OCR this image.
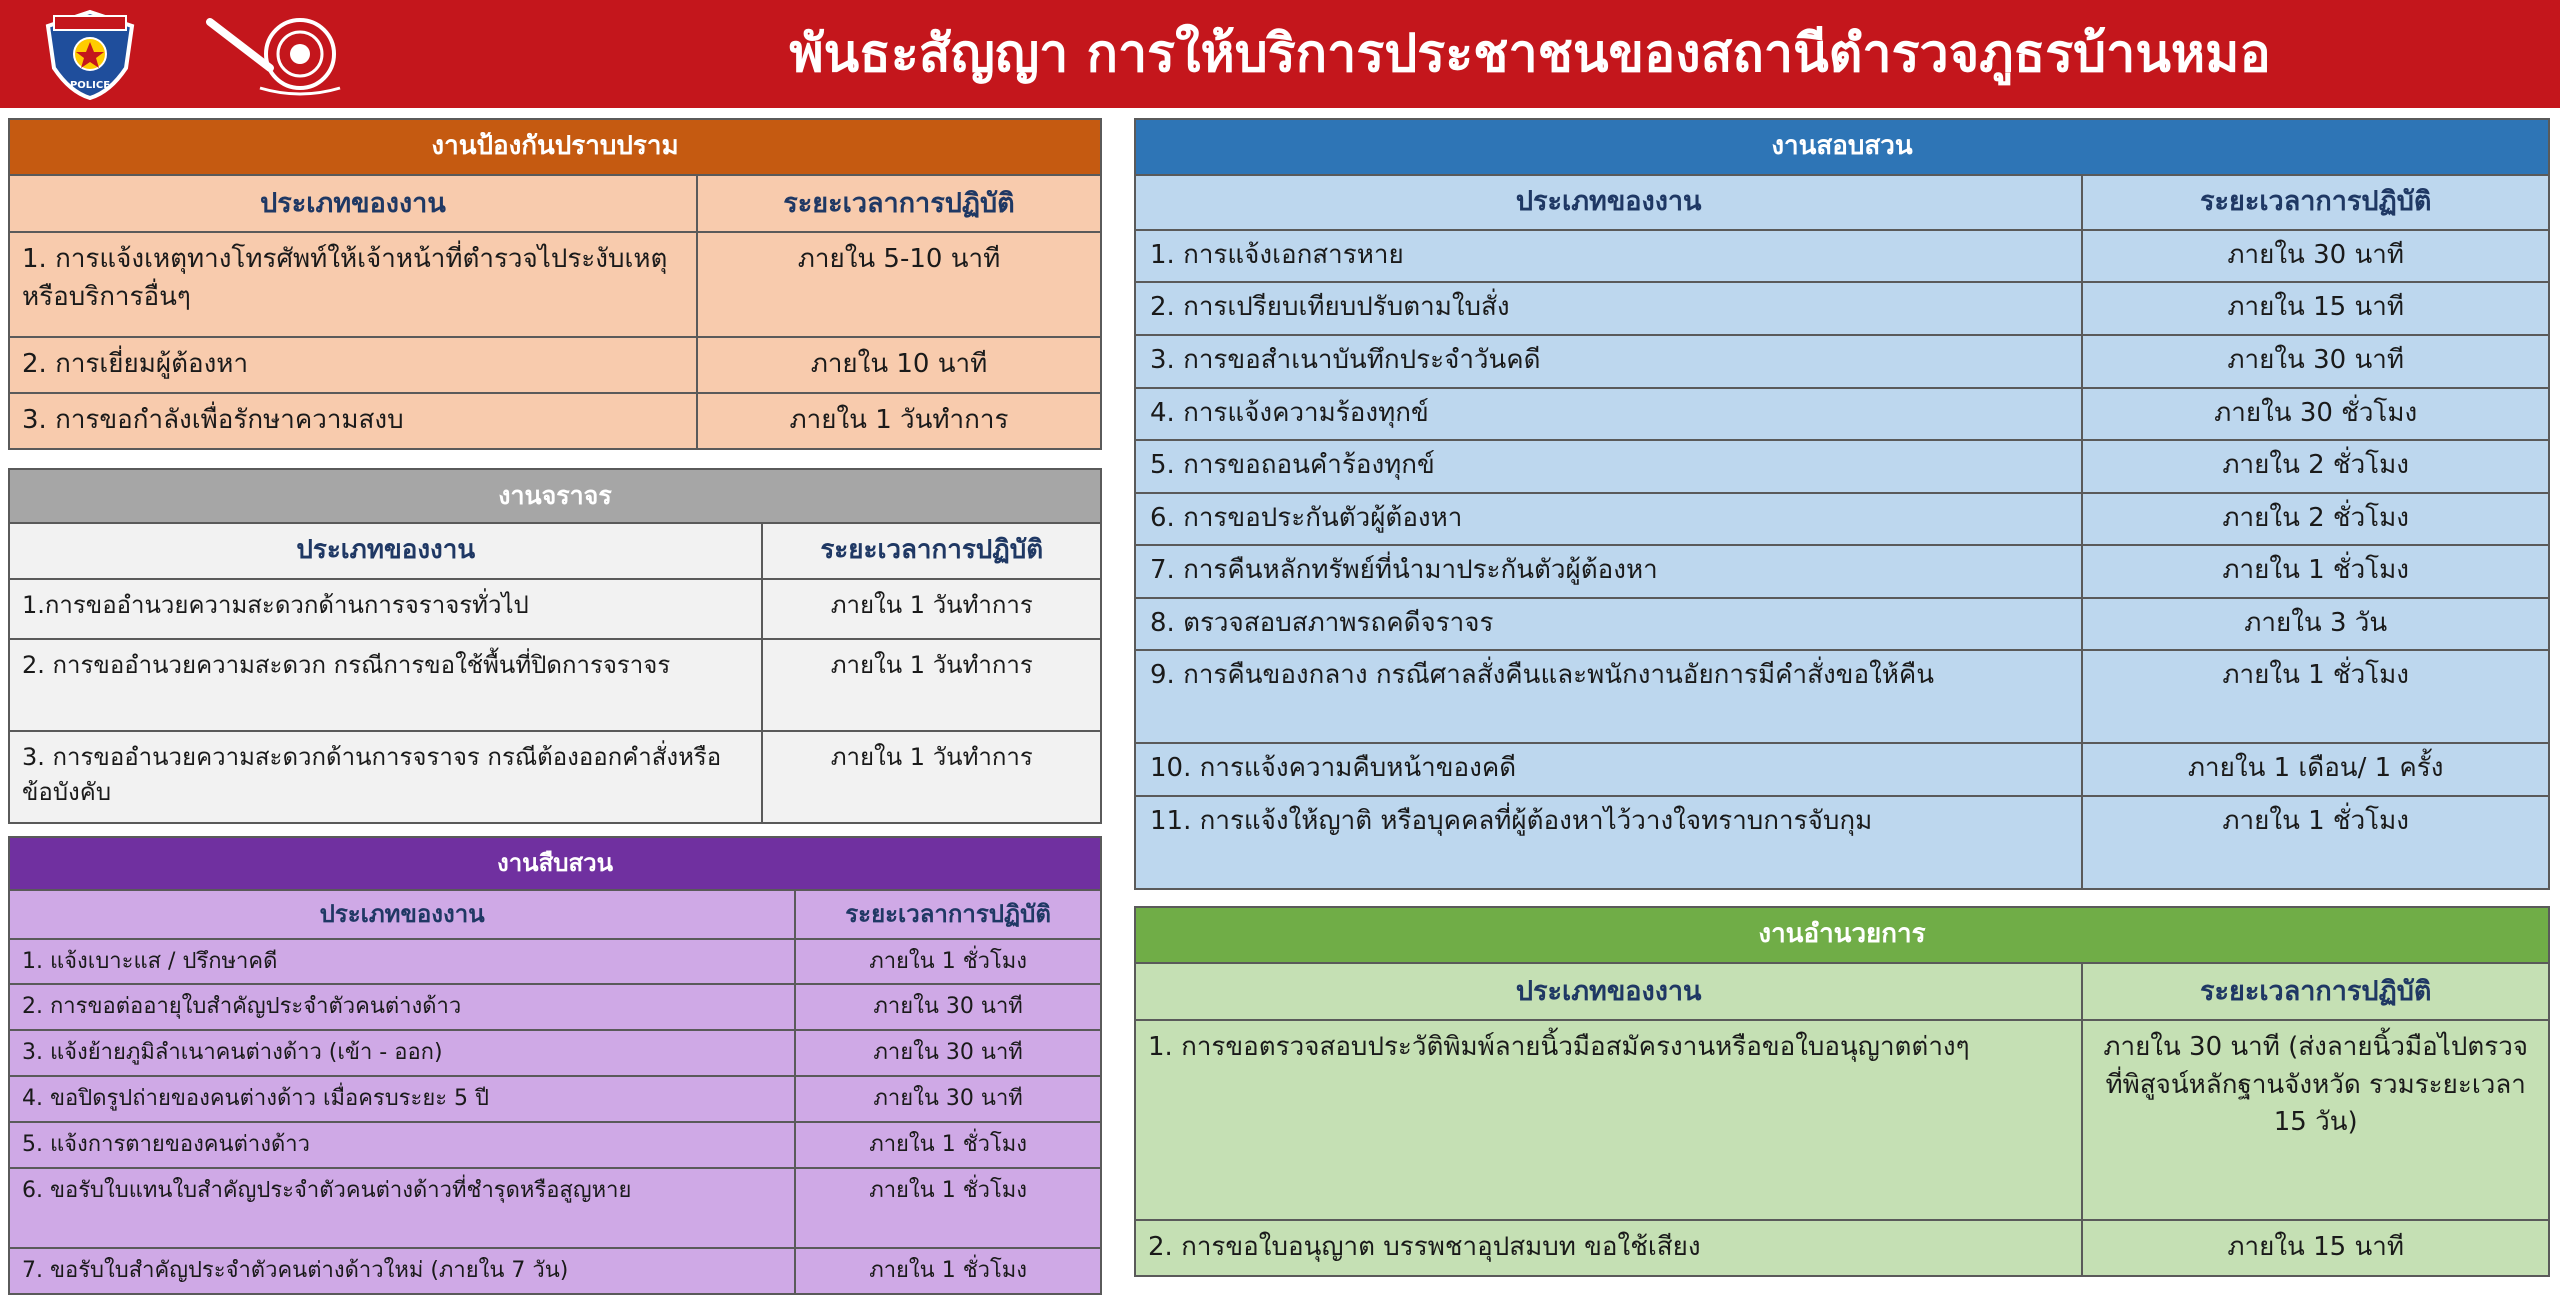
POLICE
พันธะสัญญา การให้บริการประชาชนของสถานีตำรวจภูธรบ้านหมอ
งานป้องกันปราบปราม	
ประเภทของงาน	ระยะเวลาการปฏิบัติ
1. การแจ้งเหตุทางโทรศัพท์ให้เจ้าหน้าที่ตำรวจไประงับเหตุ หรือบริการอื่นๆ	ภายใน 5-10 นาที
2. การเยี่ยมผู้ต้องหา	ภายใน 10 นาที
3. การขอกำลังเพื่อรักษาความสงบ	ภายใน 1 วันทำการ
งานจราจร	
ประเภทของงาน	ระยะเวลาการปฏิบัติ
1.การขออำนวยความสะดวกด้านการจราจรทั่วไป	ภายใน 1 วันทำการ
2. การขออำนวยความสะดวก กรณีการขอใช้พื้นที่ปิดการจราจร	ภายใน 1 วันทำการ
3. การขออำนวยความสะดวกด้านการจราจร กรณีต้องออกคำสั่งหรือข้อบังคับ	ภายใน 1 วันทำการ
งานสืบสวน	
ประเภทของงาน	ระยะเวลาการปฏิบัติ
1. แจ้งเบาะแส / ปรึกษาคดี	ภายใน 1 ชั่วโมง
2. การขอต่ออายุใบสำคัญประจำตัวคนต่างด้าว	ภายใน 30 นาที
3. แจ้งย้ายภูมิลำเนาคนต่างด้าว (เข้า - ออก)	ภายใน 30 นาที
4. ขอปิดรูปถ่ายของคนต่างด้าว เมื่อครบระยะ 5 ปี	ภายใน 30 นาที
5. แจ้งการตายของคนต่างด้าว	ภายใน 1 ชั่วโมง
6. ขอรับใบแทนใบสำคัญประจำตัวคนต่างด้าวที่ชำรุดหรือสูญหาย	ภายใน 1 ชั่วโมง
7. ขอรับใบสำคัญประจำตัวคนต่างด้าวใหม่ (ภายใน 7 วัน)	ภายใน 1 ชั่วโมง
งานสอบสวน	
ประเภทของงาน	ระยะเวลาการปฏิบัติ
1. การแจ้งเอกสารหาย	ภายใน 30 นาที
2. การเปรียบเทียบปรับตามใบสั่ง	ภายใน 15 นาที
3. การขอสำเนาบันทึกประจำวันคดี	ภายใน 30 นาที
4. การแจ้งความร้องทุกข์	ภายใน 30 ชั่วโมง
5. การขอถอนคำร้องทุกข์	ภายใน 2 ชั่วโมง
6. การขอประกันตัวผู้ต้องหา	ภายใน 2 ชั่วโมง
7. การคืนหลักทรัพย์ที่นำมาประกันตัวผู้ต้องหา	ภายใน 1 ชั่วโมง
8. ตรวจสอบสภาพรถคดีจราจร	ภายใน 3 วัน
9. การคืนของกลาง กรณีศาลสั่งคืนและพนักงานอัยการมีคำสั่งขอให้คืน	ภายใน 1 ชั่วโมง
10. การแจ้งความคืบหน้าของคดี	ภายใน 1 เดือน/ 1 ครั้ง
11. การแจ้งให้ญาติ หรือบุคคลที่ผู้ต้องหาไว้วางใจทราบการจับกุม	ภายใน 1 ชั่วโมง
งานอำนวยการ	
ประเภทของงาน	ระยะเวลาการปฏิบัติ
1. การขอตรวจสอบประวัติพิมพ์ลายนิ้วมือสมัครงานหรือขอใบอนุญาตต่างๆ	ภายใน 30 นาที (ส่งลายนิ้วมือไปตรวจที่พิสูจน์หลักฐานจังหวัด รวมระยะเวลา 15 วัน)
2. การขอใบอนุญาต บรรพชาอุปสมบท ขอใช้เสียง	ภายใน 15 นาที
